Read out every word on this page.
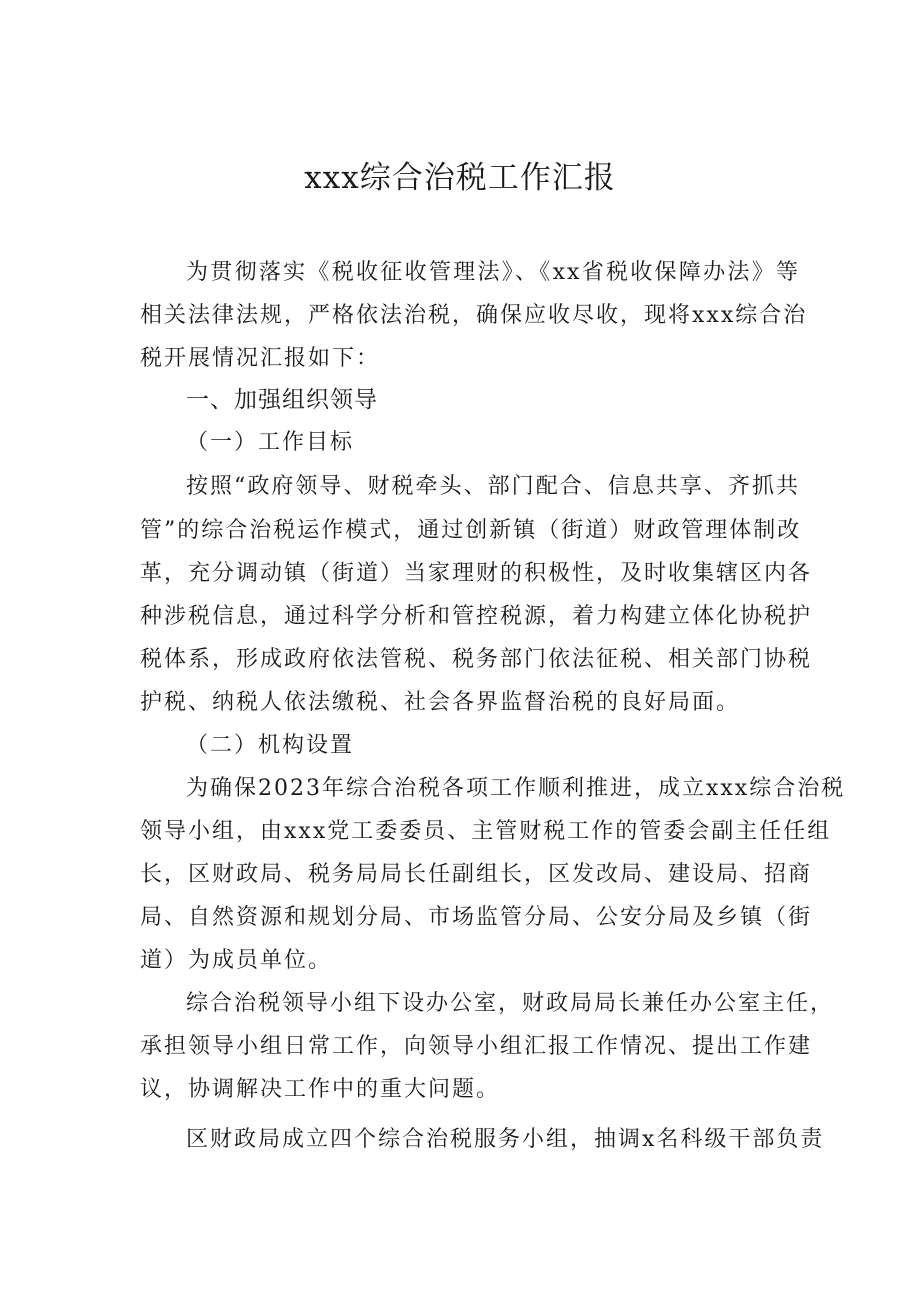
xxx综合治税工作汇报

为贯彻落实《税收征收管理法》、《xx省税收保障办法》等

相关法律法规，严格依法治税，确保应收尽收，现将xxx综合治

税开展情况汇报如下：

一、加强组织领导

（一）工作目标

按照“政府领导、财税牵头、部门配合、信息共享、齐抓共

管”的综合治税运作模式，通过创新镇（街道）财政管理体制改

革，充分调动镇（街道）当家理财的积极性，及时收集辖区内各

种涉税信息，通过科学分析和管控税源，着力构建立体化协税护

税体系，形成政府依法管税、税务部门依法征税、相关部门协税

护税、纳税人依法缴税、社会各界监督治税的良好局面。

（二）机构设置

为确保2023年综合治税各项工作顺利推进，成立xxx综合治税

领导小组，由xxx党工委委员、主管财税工作的管委会副主任任组

长，区财政局、税务局局长任副组长，区发改局、建设局、招商

局、自然资源和规划分局、市场监管分局、公安分局及乡镇（街

道）为成员单位。

综合治税领导小组下设办公室，财政局局长兼任办公室主任，

承担领导小组日常工作，向领导小组汇报工作情况、提出工作建

议，协调解决工作中的重大问题。

区财政局成立四个综合治税服务小组，抽调x名科级干部负责
